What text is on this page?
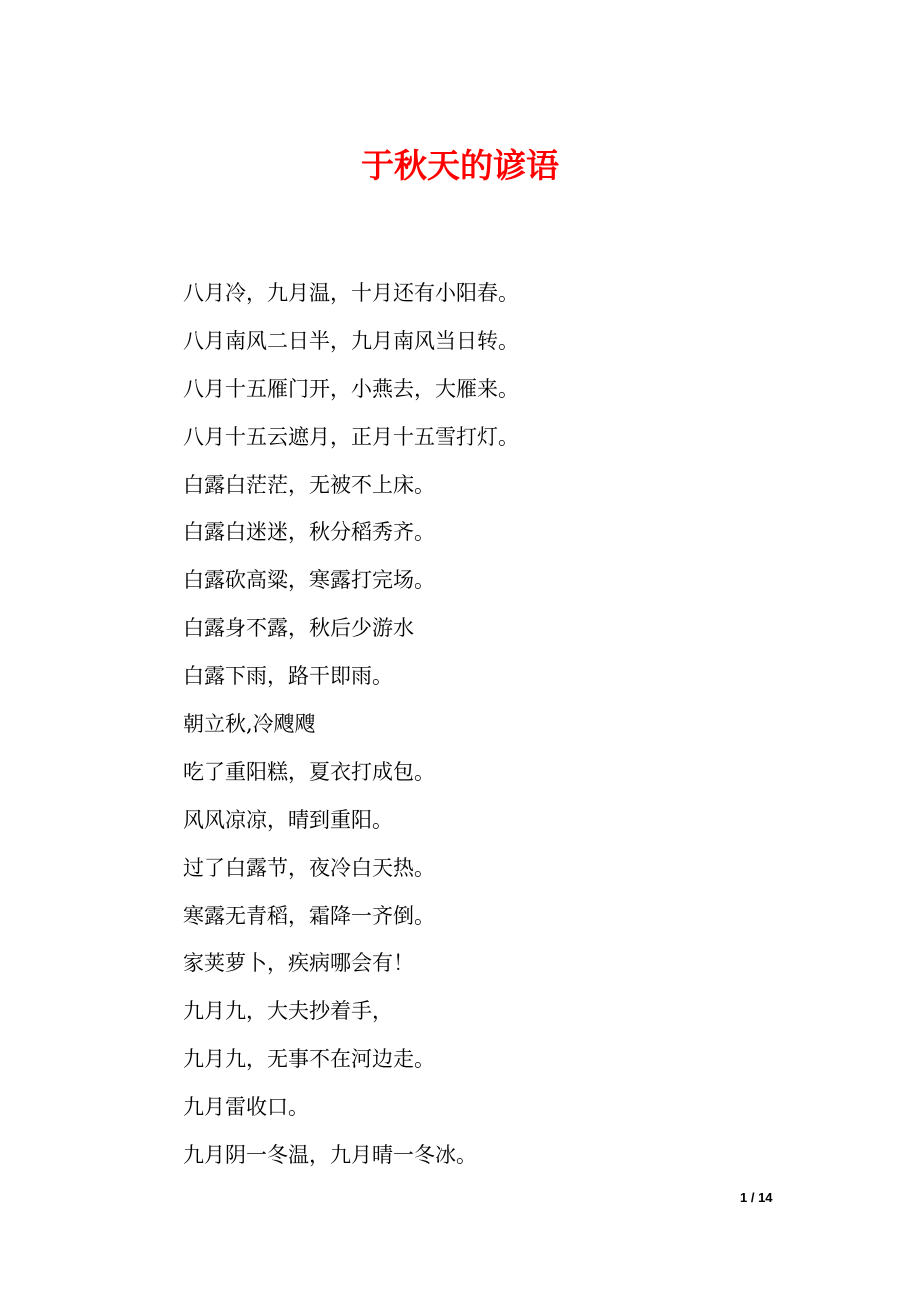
于秋天的谚语
八月冷，九月温，十月还有小阳春。
八月南风二日半，九月南风当日转。
八月十五雁门开，小燕去，大雁来。
八月十五云遮月，正月十五雪打灯。
白露白茫茫，无被不上床。
白露白迷迷，秋分稻秀齐。
白露砍高粱，寒露打完场。
白露身不露，秋后少游水
白露下雨，路干即雨。
朝立秋,冷飕飕
吃了重阳糕，夏衣打成包。
风风凉凉，晴到重阳。
过了白露节，夜冷白天热。
寒露无青稻，霜降一齐倒。
家荚萝卜，疾病哪会有！
九月九，大夫抄着手，
九月九，无事不在河边走。
九月雷收口。
九月阴一冬温，九月晴一冬冰。
1 / 14
